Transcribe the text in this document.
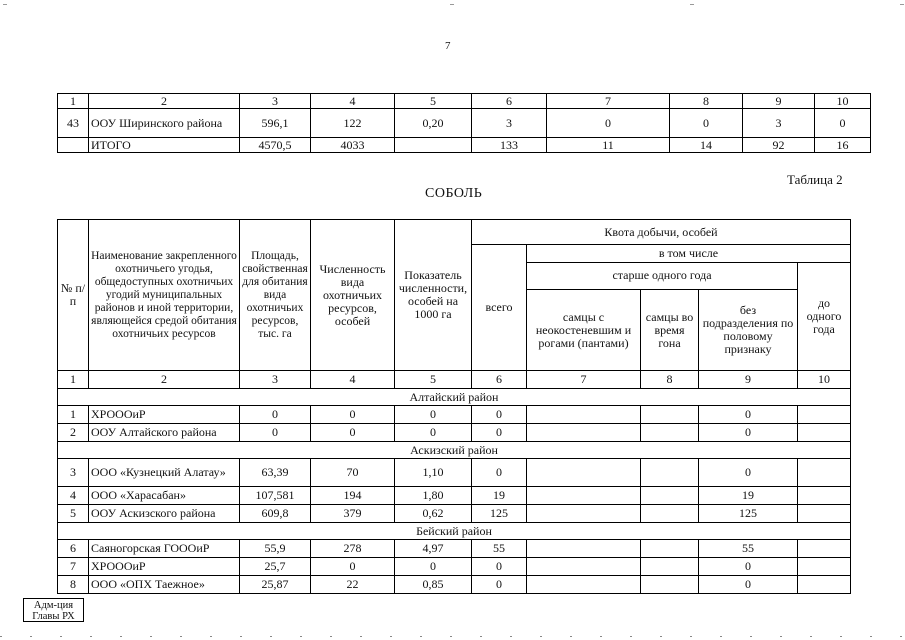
7
1	2	3	4	5	6	7	8	9	10
43	ООУ Ширинского района	596,1	122	0,20	3	0	0	3	0
	ИТОГО	4570,5	4033		133	11	14	92	16
Таблица 2
СОБОЛЬ
№ п/п	Наименование закрепленного охотничьего угодья, общедоступных охотничьих угодий муниципальных районов и иной территории, являющейся средой обитания охотничьих ресурсов	Площадь, свойственная для обитания вида охотничьих ресурсов, тыс. га	Численность вида охотничьих ресурсов, особей	Показатель численности, особей на 1000 га	Квота добычи, особей				
					всего	в том числе			
						старше одного года			до одного года
						самцы с неокостеневшим и рогами (пантами)	самцы во время гона	без подразделения по половому признаку	
1	2	3	4	5	6	7	8	9	10
Алтайский район									
1	ХРОООиР	0	0	0	0			0	
2	ООУ Алтайского района	0	0	0	0			0	
Аскизский район									
3	ООО «Кузнецкий Алатау»	63,39	70	1,10	0			0	
4	ООО «Харасабан»	107,581	194	1,80	19			19	
5	ООУ Аскизского района	609,8	379	0,62	125			125	
Бейский район									
6	Саяногорская ГОООиР	55,9	278	4,97	55			55	
7	ХРОООиР	25,7	0	0	0			0	
8	ООО «ОПХ Таежное»	25,87	22	0,85	0			0	
Адм-ция
Главы РХ
